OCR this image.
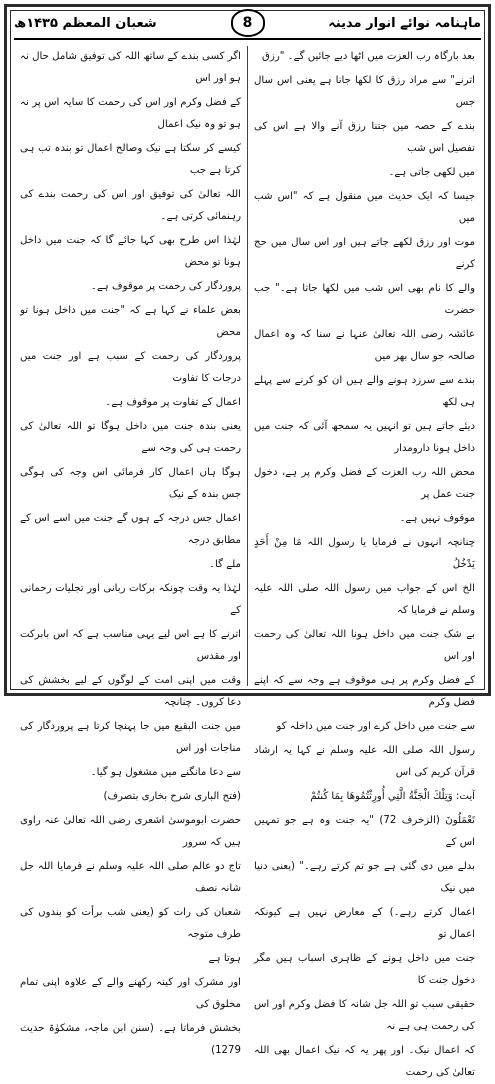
شعبان المعظم ۱۴۳۵ھ	8	ماہنامہ نوائے انوار مدینہ

اگر کسی بندے کے ساتھ اللہ کی توفیق شامل حال نہ ہو اور اس

کے فضل وکرم اور اس کی رحمت کا سایہ اس پر نہ ہو تو وہ نیک اعمال

کیسے کر سکتا ہے نیک وصالح اعمال تو بندہ تب ہی کرتا ہے جب

اللہ تعالیٰ کی توفیق اور اس کی رحمت بندے کی رہنمائی کرتی ہے۔

لہٰذا اس طرح بھی کہا جائے گا کہ جنت میں داخل ہونا تو محض

پروردگار کی رحمت پر موقوف ہے۔

بعض علماء نے کہا ہے کہ "جنت میں داخل ہونا تو محض

پروردگار کی رحمت کے سبب ہے اور جنت میں درجات کا تفاوت

اعمال کے تفاوت پر موقوف ہے۔

یعنی بندہ جنت میں داخل ہوگا تو اللہ تعالیٰ کی رحمت ہی کی وجہ سے

ہوگا ہاں اعمال کار فرمائی اس وجہ کی ہوگی جس بندہ کے نیک

اعمال جس درجہ کے ہوں گے جنت میں اسے اس کے مطابق درجہ

ملے گا۔

لہٰذا یہ وقت چونکہ برکات ربانی اور تجلیات رحمانی کے

اترنے کا ہے اس لیے یہی مناسب ہے کہ اس بابرکت اور مقدس

وقت میں اپنی امت کے لوگوں کے لیے بخشش کی دعا کروں۔ چنانچہ

میں جنت البقیع میں جا پہنچا کرتا ہے پروردگار کی مناجات اور اس

سے دعا مانگنے میں مشغول ہو گیا۔

(فتح الباری شرح بخاری بتصرف)

حضرت ابوموسیٰ اشعری رضی اللہ تعالیٰ عنہ راوی ہیں کہ سرور

تاج دو عالم صلی اللہ علیہ وسلم نے فرمایا اللہ جل شانہ نصف

شعبان کی رات کو (یعنی شب برأت کو بندوں کی طرف متوجہ

ہوتا ہے

اور مشرک اور کینہ رکھنے والے کے علاوہ اپنی تمام مخلوق کی

بخشش فرماتا ہے۔ (سنن ابن ماجہ، مشکوٰۃ حدیث 1279)

بعد بارگاہ رب العزت میں اٹھا دیے جائیں گے۔ "رزق

اترنے" سے مراد رزق کا لکھا جانا ہے یعنی اس سال جس

بندے کے حصہ میں جتنا رزق آنے والا ہے اس کی تفصیل اس شب

میں لکھی جاتی ہے۔

جیسا کہ ایک حدیث میں منقول ہے کہ "اس شب میں

موت اور رزق لکھے جاتے ہیں اور اس سال میں حج کرنے

والے کا نام بھی اس شب میں لکھا جاتا ہے۔" جب حضرت

عائشہ رضی اللہ تعالیٰ عنہا نے سنا کہ وہ اعمال صالحہ جو سال بھر میں

بندے سے سرزد ہونے والے ہیں ان کو کرنے سے پہلے ہی لکھ

دیئے جاتے ہیں تو انہیں یہ سمجھ آئی کہ جنت میں داخل ہونا دارومدار

محض اللہ رب العزت کے فضل وکرم پر ہے، دخول جنت عمل پر

موقوف نہیں ہے۔

چنانچہ انہوں نے فرمایا یا رسول اللہ مَا مِنْ أَحَدٍ يَدْخُلُ

الخ اس کے جواب میں رسول اللہ صلی اللہ علیہ وسلم نے فرمایا کہ

بے شک جنت میں داخل ہونا اللہ تعالیٰ کی رحمت اور اس

کے فضل وکرم پر ہی موقوف ہے وجہ سے کہ اپنے فضل وکرم

سے جنت میں داخل کرے اور جنت میں داخلہ کو

رسول اللہ صلی اللہ علیہ وسلم نے کہا یہ ارشاد قرآن کریم کی اس

آیت: وَتِلْكَ الْجَنَّةُ الَّتِي أُورِثْتُمُوهَا بِمَا كُنتُمْ

تَعْمَلُونَ (الزخرف 72) "یہ جنت وہ ہے جو تمہیں اس کے

بدلے میں دی گئی ہے جو تم کرتے رہے۔" (یعنی دنیا میں نیک

اعمال کرتے رہے۔) کے معارض نہیں ہے کیونکہ اعمال تو

جنت میں داخل ہونے کے ظاہری اسباب ہیں مگر دخول جنت کا

حقیقی سبب تو اللہ جل شانہ کا فضل وکرم اور اس کی رحمت ہی ہے نہ

کہ اعمال نیک۔ اور پھر یہ کہ نیک اعمال بھی اللہ تعالیٰ کی رحمت
